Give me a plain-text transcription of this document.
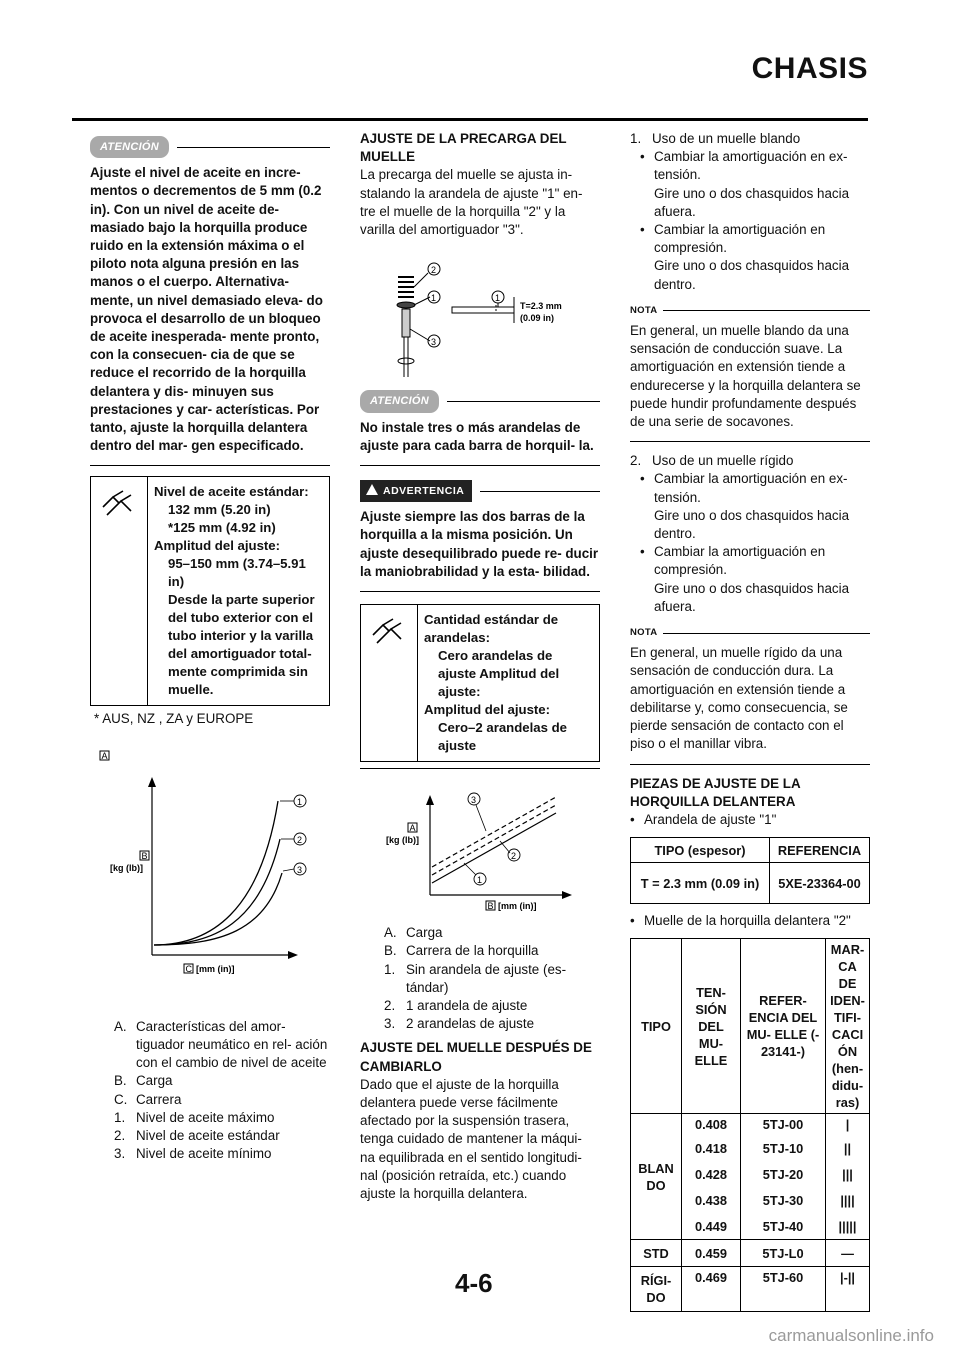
CHASIS
ATENCIÓN
Ajuste el nivel de aceite en incre- mentos o decrementos de 5 mm (0.2 in). Con un nivel de aceite de- masiado bajo la horquilla produce ruido en la extensión máxima o el piloto nota alguna presión en las manos o el cuerpo. Alternativa- mente, un nivel demasiado eleva- do provoca el desarrollo de un bloqueo de aceite inesperada- mente pronto, con la consecuen- cia de que se reduce el recorrido de la horquilla delantera y dis- minuyen sus prestaciones y car- acterísticas. Por tanto, ajuste la horquilla delantera dentro del mar- gen especificado.
Nivel de aceite estándar:
132 mm (5.20 in)
*125 mm (4.92 in)
Amplitud del ajuste:
95–150 mm (3.74–5.91 in)
Desde la parte superior del tubo exterior con el tubo interior y la varilla del amortiguador total- mente comprimida sin muelle.
* AUS, NZ , ZA y EUROPE
A
1
2
3
B
[kg (lb)]
C [mm (in)]
A. Características del amor- tiguador neumático en rel- ación con el cambio de nivel de aceite
B. Carga
C. Carrera
1. Nivel de aceite máximo
2. Nivel de aceite estándar
3. Nivel de aceite mínimo
AJUSTE DE LA PRECARGA DEL MUELLE
La precarga del muelle se ajusta in- stalando la arandela de ajuste "1" en- tre el muelle de la horquilla "2" y la varilla del amortiguador "3".
2
1
3
1
T=2.3 mm
(0.09 in)
ATENCIÓN
No instale tres o más arandelas de ajuste para cada barra de horquil- la.
ADVERTENCIA
Ajuste siempre las dos barras de la horquilla a la misma posición. Un ajuste desequilibrado puede re- ducir la maniobrabilidad y la esta- bilidad.
Cantidad estándar de arandelas:
Cero arandelas de ajuste Amplitud del ajuste:
Amplitud del ajuste:
Cero–2 arandelas de ajuste
1
2
3
A
[kg (lb)]
B [mm (in)]
A. Carga
B. Carrera de la horquilla
1. Sin arandela de ajuste (es- tándar)
2. 1 arandela de ajuste
3. 2 arandelas de ajuste
AJUSTE DEL MUELLE DESPUÉS DE CAMBIARLO
Dado que el ajuste de la horquilla delantera puede verse fácilmente afectado por la suspensión trasera, tenga cuidado de mantener la máqui- na equilibrada en el sentido longitudi- nal (posición retraída, etc.) cuando ajuste la horquilla delantera.
1. Uso de un muelle blando
• Cambiar la amortiguación en ex- tensión.
Gire uno o dos chasquidos hacia afuera.
• Cambiar la amortiguación en compresión.
Gire uno o dos chasquidos hacia dentro.
NOTA
En general, un muelle blando da una sensación de conducción suave. La amortiguación en extensión tiende a endurecerse y la horquilla delantera se puede hundir profundamente después de una serie de socavones.
2. Uso de un muelle rígido
• Cambiar la amortiguación en ex- tensión.
Gire uno o dos chasquidos hacia dentro.
• Cambiar la amortiguación en compresión.
Gire uno o dos chasquidos hacia afuera.
NOTA
En general, un muelle rígido da una sensación de conducción dura. La amortiguación en extensión tiende a debilitarse y, como consecuencia, se pierde sensación de contacto con el piso o el manillar vibra.
PIEZAS DE AJUSTE DE LA HORQUILLA DELANTERA
• Arandela de ajuste "1"
TIPO (espesor)	REFERENCIA
T = 2.3 mm (0.09 in)	5XE-23364-00
• Muelle de la horquilla delantera "2"
TIPO	TEN- SIÓN DEL MU- ELLE	REFER- ENCIA DEL MU- ELLE (- 23141-)	MAR- CA DE IDEN- TIFI- CACI ÓN (hen- didu- ras)
BLAN DO	0.408	5TJ-00	|
	0.418	5TJ-10	||
	0.428	5TJ-20	|||
	0.438	5TJ-30	||||
	0.449	5TJ-40	|||||
STD	0.459	5TJ-L0	—
RÍGI- DO	0.469	5TJ-60	|-||
4-6
carmanualsonline.info
